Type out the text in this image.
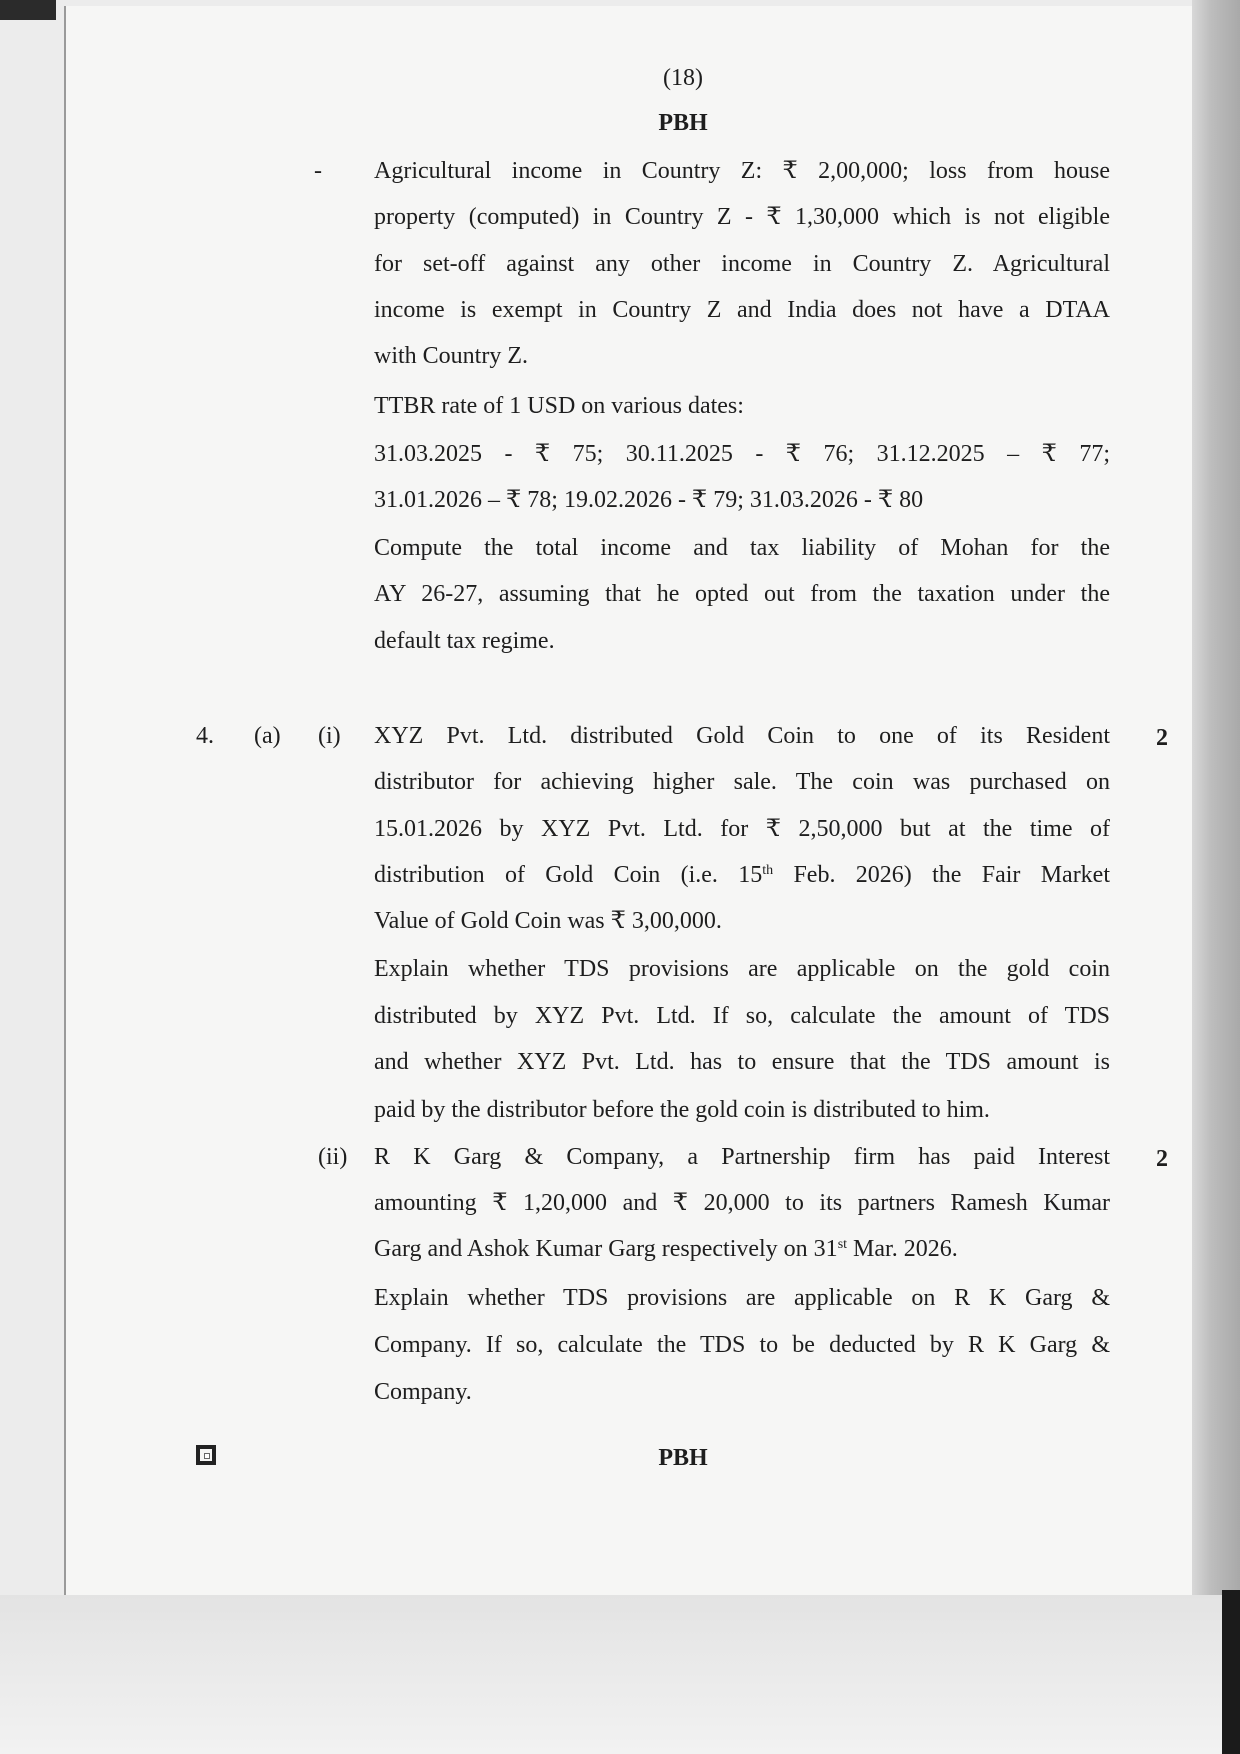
(18)
PBH
- Agricultural income in Country Z: ₹ 2,00,000; loss from house
property (computed) in Country Z - ₹ 1,30,000 which is not eligible
for set-off against any other income in Country Z. Agricultural
income is exempt in Country Z and India does not have a DTAA
with Country Z.
TTBR rate of 1 USD on various dates:
31.03.2025 - ₹ 75; 30.11.2025 - ₹ 76; 31.12.2025 – ₹ 77;
31.01.2026 – ₹ 78; 19.02.2026 - ₹ 79; 31.03.2026 - ₹ 80
Compute the total income and tax liability of Mohan for the
AY 26-27, assuming that he opted out from the taxation under the
default tax regime.
4. (a) (i)	2
XYZ Pvt. Ltd. distributed Gold Coin to one of its Resident
distributor for achieving higher sale. The coin was purchased on
15.01.2026 by XYZ Pvt. Ltd. for ₹ 2,50,000 but at the time of
distribution of Gold Coin (i.e. 15th Feb. 2026) the Fair Market
Value of Gold Coin was ₹ 3,00,000.
Explain whether TDS provisions are applicable on the gold coin
distributed by XYZ Pvt. Ltd. If so, calculate the amount of TDS
and whether XYZ Pvt. Ltd. has to ensure that the TDS amount is
paid by the distributor before the gold coin is distributed to him.
(ii)	2
R K Garg & Company, a Partnership firm has paid Interest
amounting ₹ 1,20,000 and ₹ 20,000 to its partners Ramesh Kumar
Garg and Ashok Kumar Garg respectively on 31st Mar. 2026.
Explain whether TDS provisions are applicable on R K Garg &
Company. If so, calculate the TDS to be deducted by R K Garg &
Company.
PBH
